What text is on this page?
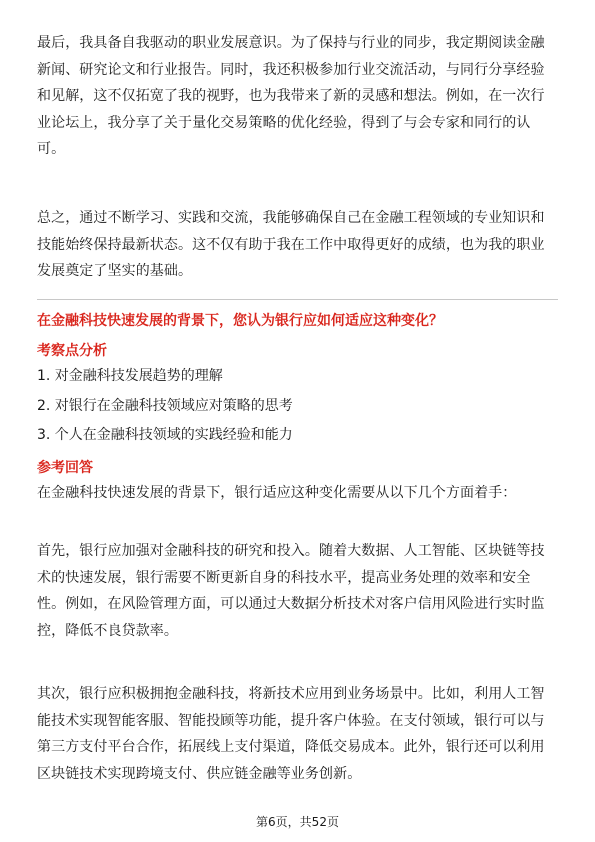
最后，我具备自我驱动的职业发展意识。为了保持与行业的同步，我定期阅读金融新闻、研究论文和行业报告。同时，我还积极参加行业交流活动，与同行分享经验和见解，这不仅拓宽了我的视野，也为我带来了新的灵感和想法。例如，在一次行业论坛上，我分享了关于量化交易策略的优化经验，得到了与会专家和同行的认可。

总之，通过不断学习、实践和交流，我能够确保自己在金融工程领域的专业知识和技能始终保持最新状态。这不仅有助于我在工作中取得更好的成绩，也为我的职业发展奠定了坚实的基础。

在金融科技快速发展的背景下，您认为银行应如何适应这种变化？
考察点分析
1. 对金融科技发展趋势的理解
2. 对银行在金融科技领域应对策略的思考
3. 个人在金融科技领域的实践经验和能力
参考回答

在金融科技快速发展的背景下，银行适应这种变化需要从以下几个方面着手：

首先，银行应加强对金融科技的研究和投入。随着大数据、人工智能、区块链等技术的快速发展，银行需要不断更新自身的科技水平，提高业务处理的效率和安全性。例如，在风险管理方面，可以通过大数据分析技术对客户信用风险进行实时监控，降低不良贷款率。

其次，银行应积极拥抱金融科技，将新技术应用到业务场景中。比如，利用人工智能技术实现智能客服、智能投顾等功能，提升客户体验。在支付领域，银行可以与第三方支付平台合作，拓展线上支付渠道，降低交易成本。此外，银行还可以利用区块链技术实现跨境支付、供应链金融等业务创新。

第6页，共52页
